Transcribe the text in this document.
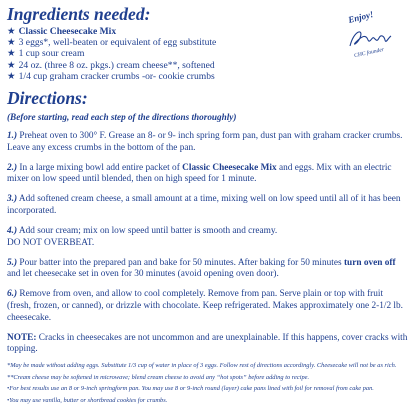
Ingredients needed:
★ Classic Cheesecake Mix
★ 3 eggs*, well-beaten or equivalent of egg substitute
★ 1 cup sour cream
★ 24 oz. (three 8 oz. pkgs.) cream cheese**, softened
★ 1/4 cup graham cracker crumbs -or- cookie crumbs
Directions:

(Before starting, read each step of the directions thoroughly)

1.) Preheat oven to 300° F. Grease an 8- or 9- inch spring form pan, dust pan with graham cracker crumbs. Leave any excess crumbs in the bottom of the pan.

2.) In a large mixing bowl add entire packet of Classic Cheesecake Mix and eggs. Mix with an electric mixer on low speed until blended, then on high speed for 1 minute.

3.) Add softened cream cheese, a small amount at a time, mixing well on low speed until all of it has been incorporated.

4.) Add sour cream; mix on low speed until batter is smooth and creamy.
DO NOT OVERBEAT.

5.) Pour batter into the prepared pan and bake for 50 minutes. After baking for 50 minutes turn oven off and let cheesecake set in oven for 30 minutes (avoid opening oven door).

6.) Remove from oven, and allow to cool completely. Remove from pan. Serve plain or top with fruit (fresh, frozen, or canned), or drizzle with chocolate. Keep refrigerated. Makes approximately one 2-1/2 lb. cheesecake.

NOTE: Cracks in cheesecakes are not uncommon and are unexplainable. If this happens, cover cracks with topping.

*May be made without adding eggs. Substitute 1/3 cup of water in place of 3 eggs. Follow rest of directions accordingly. Cheesecake will not be as rich.

**Cream cheese may be softened in microwave; blend cream cheese to avoid any “hot spots” before adding to recipe.

•For best results use an 8 or 9-inch springform pan. You may use 8 or 9-inch round (layer) cake pans lined with foil for removal from cake pan.

•You may use vanilla, butter or shortbread cookies for crumbs.

Enjoy!
CHC founder
